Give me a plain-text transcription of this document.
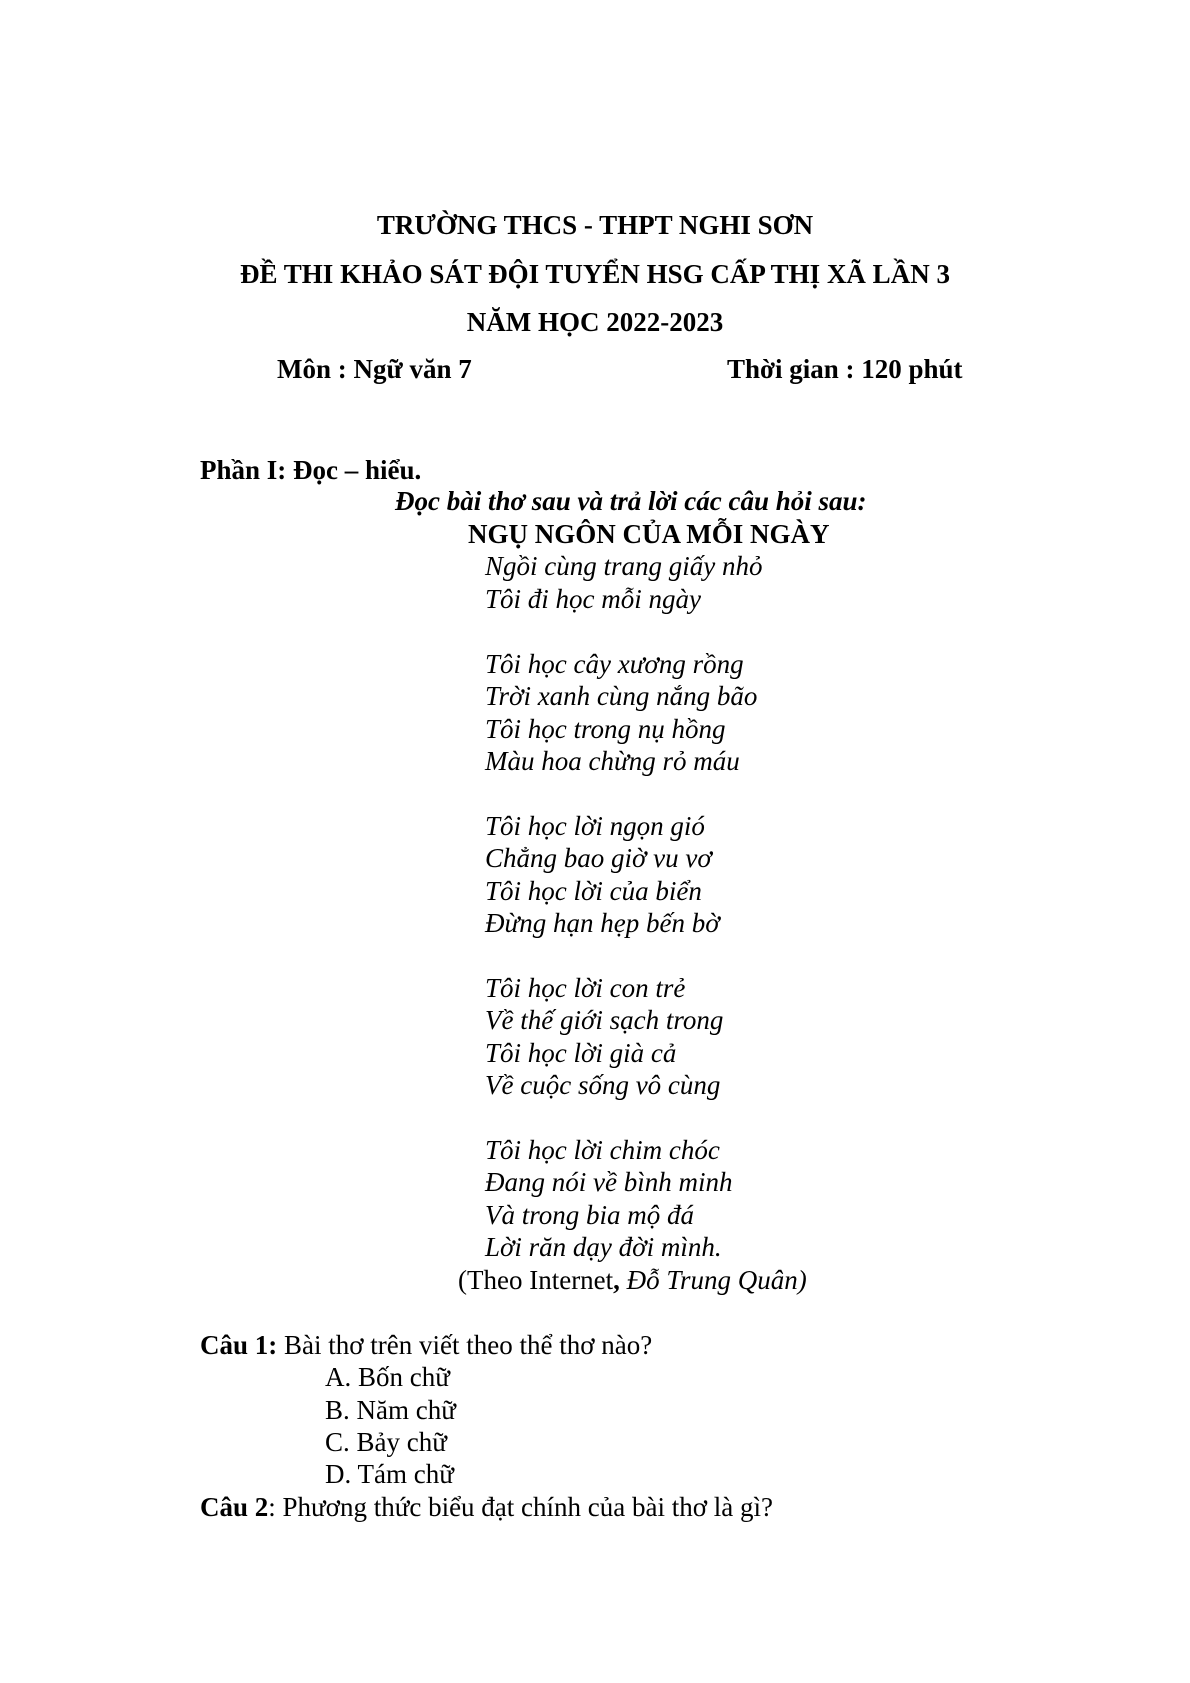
TRƯỜNG THCS - THPT NGHI SƠN
ĐỀ THI KHẢO SÁT ĐỘI TUYỂN HSG CẤP THỊ XÃ LẦN 3
NĂM HỌC 2022-2023
Môn : Ngữ văn 7	Thời gian : 120 phút
Phần I: Đọc – hiểu.
Đọc bài thơ sau và trả lời các câu hỏi sau:
NGỤ NGÔN CỦA MỖI NGÀY
Ngồi cùng trang giấy nhỏ
Tôi đi học mỗi ngày
Tôi học cây xương rồng
Trời xanh cùng nắng bão
Tôi học trong nụ hồng
Màu hoa chừng rỏ máu
Tôi học lời ngọn gió
Chẳng bao giờ vu vơ
Tôi học lời của biển
Đừng hạn hẹp bến bờ
Tôi học lời con trẻ
Về thế giới sạch trong
Tôi học lời già cả
Về cuộc sống vô cùng
Tôi học lời chim chóc
Đang nói về bình minh
Và trong bia mộ đá
Lời răn dạy đời mình.
(Theo Internet, Đỗ Trung Quân)
Câu 1: Bài thơ trên viết theo thể thơ nào?
A. Bốn chữ
B. Năm chữ
C. Bảy chữ
D. Tám chữ
Câu 2: Phương thức biểu đạt chính của bài thơ là gì?
